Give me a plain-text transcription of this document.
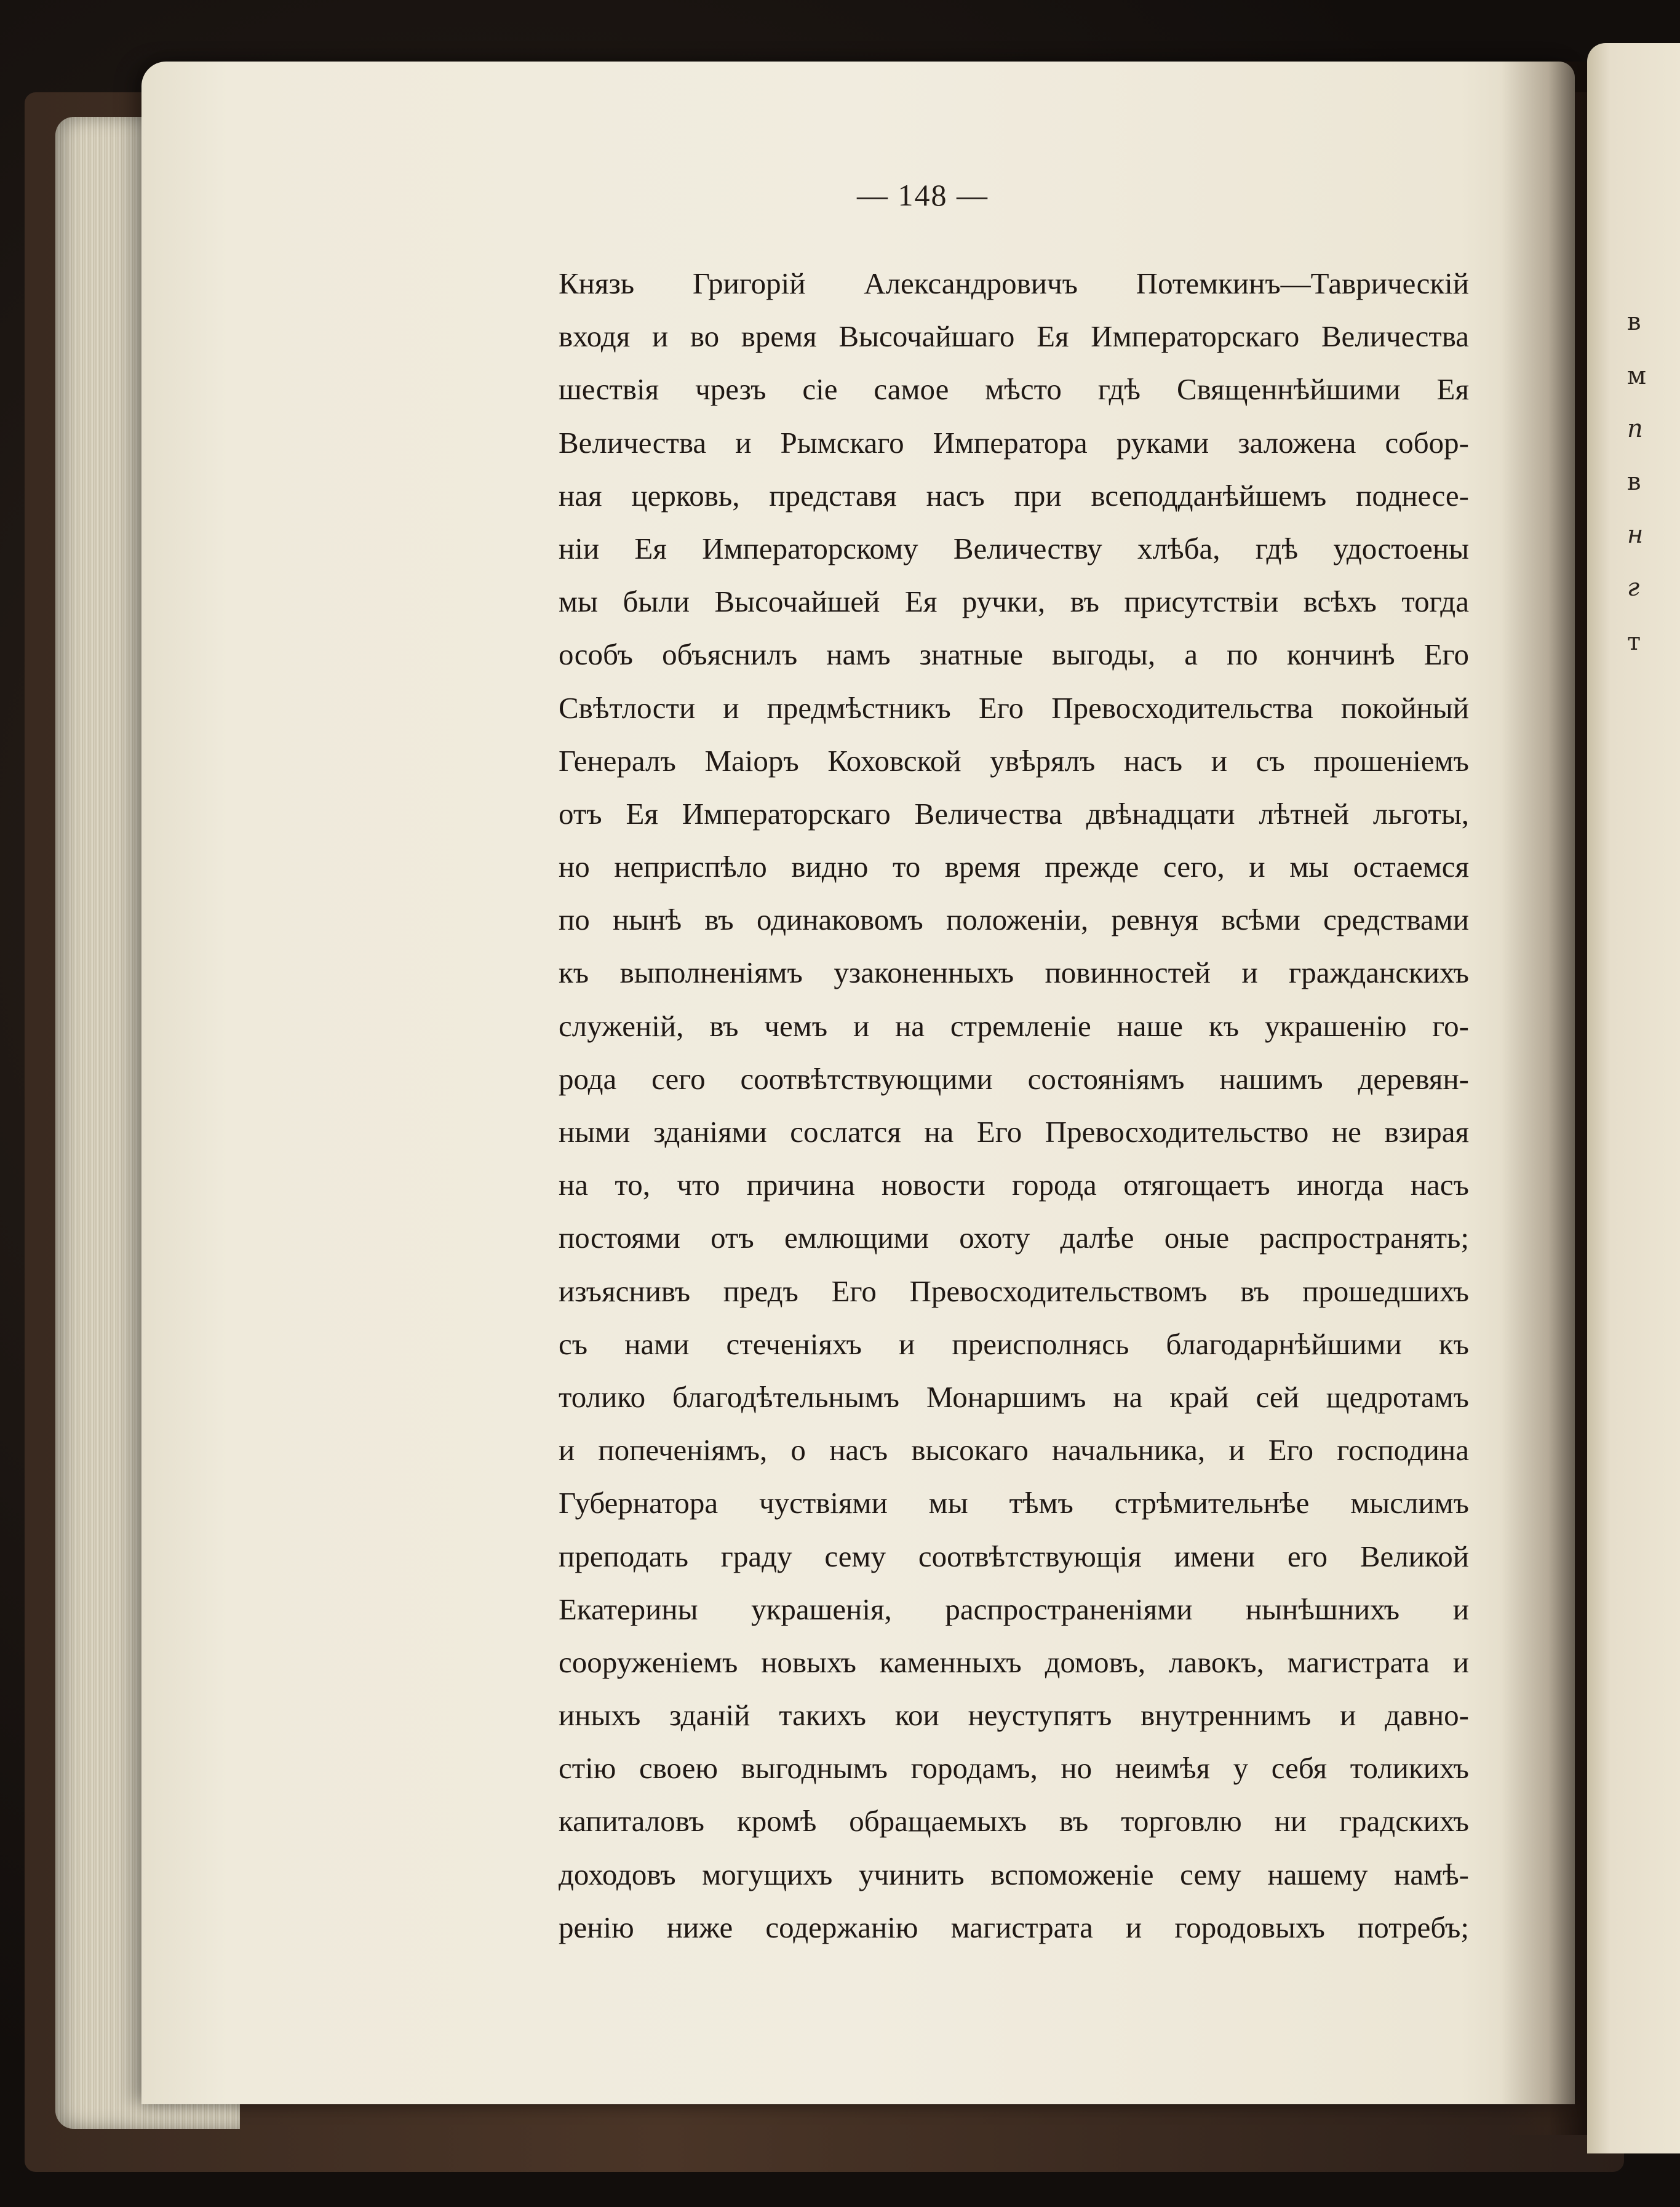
в
м
п
в
н
г
т
— 148 —
Князь Григорій Александровичъ Потемкинъ—Таврическій
входя и во время Высочайшаго Ея Императорскаго Величества
шествія чрезъ сіе самое мѣсто гдѣ Священнѣйшими Ея
Величества и Рымскаго Императора руками заложена собор-
ная церковь, представя насъ при всеподданѣйшемъ поднесе-
ніи Ея Императорскому Величеству хлѣба, гдѣ удостоены
мы были Высочайшей Ея ручки, въ присутствіи всѣхъ тогда
особъ объяснилъ намъ знатные выгоды, а по кончинѣ Его
Свѣтлости и предмѣстникъ Его Превосходительства покойный
Генералъ Маіоръ Коховской увѣрялъ насъ и съ прошеніемъ
отъ Ея Императорскаго Величества двѣнадцати лѣтней льготы,
но неприспѣло видно то время прежде сего, и мы остаемся
по нынѣ въ одинаковомъ положеніи, ревнуя всѣми средствами
къ выполненіямъ узаконенныхъ повинностей и гражданскихъ
служеній, въ чемъ и на стремленіе наше къ украшенію го-
рода сего соотвѣтствующими состояніямъ нашимъ деревян-
ными зданіями сослатся на Его Превосходительство не взирая
на то, что причина новости города отягощаетъ иногда насъ
постоями отъ емлющими охоту далѣе оные распространять;
изъяснивъ предъ Его Превосходительствомъ въ прошедшихъ
съ нами стеченіяхъ и преисполнясь благодарнѣйшими къ
толико благодѣтельнымъ Монаршимъ на край сей щедротамъ
и попеченіямъ, о насъ высокаго начальника, и Его господина
Губернатора чуствіями мы тѣмъ стрѣмительнѣе мыслимъ
преподать граду сему соотвѣтствующія имени его Великой
Екатерины украшенія, распространеніями нынѣшнихъ и
сооруженіемъ новыхъ каменныхъ домовъ, лавокъ, магистрата и
иныхъ зданій такихъ кои неуступятъ внутреннимъ и давно-
стію своею выгоднымъ городамъ, но неимѣя у себя толикихъ
капиталовъ кромѣ обращаемыхъ въ торговлю ни градскихъ
доходовъ могущихъ учинить вспоможеніе сему нашему намѣ-
ренію ниже содержанію магистрата и городовыхъ потребъ;
